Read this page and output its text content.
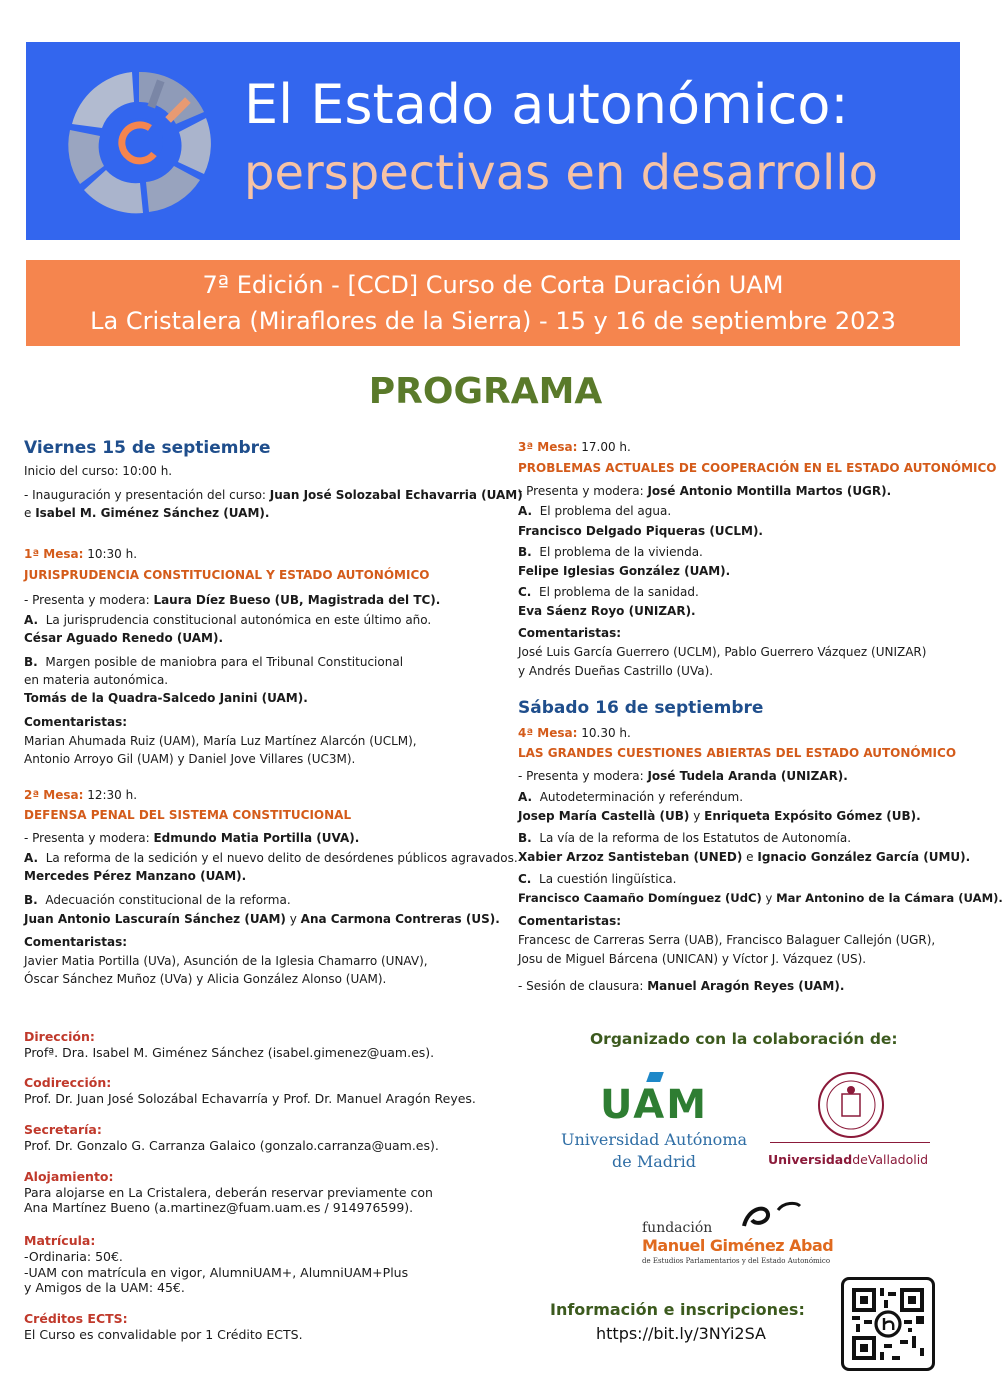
El Estado autonómico:
perspectivas en desarrollo
7ª Edición - [CCD] Curso de Corta Duración UAM
La Cristalera (Miraflores de la Sierra) - 15 y 16 de septiembre 2023
PROGRAMA
Viernes 15 de septiembre
Inicio del curso: 10:00 h.
- Inauguración y presentación del curso: Juan José Solozabal Echavarria (UAM)
e Isabel M. Giménez Sánchez (UAM).
1ª Mesa: 10:30 h.
JURISPRUDENCIA CONSTITUCIONAL Y ESTADO AUTONÓMICO
- Presenta y modera: Laura Díez Bueso (UB, Magistrada del TC).
A. La jurisprudencia constitucional autonómica en este último año.
César Aguado Renedo (UAM).
B. Margen posible de maniobra para el Tribunal Constitucional
en materia autonómica.
Tomás de la Quadra-Salcedo Janini (UAM).
Comentaristas:
Marian Ahumada Ruiz (UAM), María Luz Martínez Alarcón (UCLM),
Antonio Arroyo Gil (UAM) y Daniel Jove Villares (UC3M).
2ª Mesa: 12:30 h.
DEFENSA PENAL DEL SISTEMA CONSTITUCIONAL
- Presenta y modera: Edmundo Matia Portilla (UVA).
A. La reforma de la sedición y el nuevo delito de desórdenes públicos agravados.
Mercedes Pérez Manzano (UAM).
B. Adecuación constitucional de la reforma.
Juan Antonio Lascuraín Sánchez (UAM) y Ana Carmona Contreras (US).
Comentaristas:
Javier Matia Portilla (UVa), Asunción de la Iglesia Chamarro (UNAV),
Óscar Sánchez Muñoz (UVa) y Alicia González Alonso (UAM).
3ª Mesa: 17.00 h.
PROBLEMAS ACTUALES DE COOPERACIÓN EN EL ESTADO AUTONÓMICO
- Presenta y modera: José Antonio Montilla Martos (UGR).
A. El problema del agua.
Francisco Delgado Piqueras (UCLM).
B. El problema de la vivienda.
Felipe Iglesias González (UAM).
C. El problema de la sanidad.
Eva Sáenz Royo (UNIZAR).
Comentaristas:
José Luis García Guerrero (UCLM), Pablo Guerrero Vázquez (UNIZAR)
y Andrés Dueñas Castrillo (UVa).
Sábado 16 de septiembre
4ª Mesa: 10.30 h.
LAS GRANDES CUESTIONES ABIERTAS DEL ESTADO AUTONÓMICO
- Presenta y modera: José Tudela Aranda (UNIZAR).
A. Autodeterminación y referéndum.
Josep María Castellà (UB) y Enriqueta Expósito Gómez (UB).
B. La vía de la reforma de los Estatutos de Autonomía.
Xabier Arzoz Santisteban (UNED) e Ignacio González García (UMU).
C. La cuestión lingüística.
Francisco Caamaño Domínguez (UdC) y Mar Antonino de la Cámara (UAM).
Comentaristas:
Francesc de Carreras Serra (UAB), Francisco Balaguer Callejón (UGR),
Josu de Miguel Bárcena (UNICAN) y Víctor J. Vázquez (US).
- Sesión de clausura: Manuel Aragón Reyes (UAM).
Dirección:
Profª. Dra. Isabel M. Giménez Sánchez (isabel.gimenez@uam.es).
Codirección:
Prof. Dr. Juan José Solozábal Echavarría y Prof. Dr. Manuel Aragón Reyes.
Secretaría:
Prof. Dr. Gonzalo G. Carranza Galaico (gonzalo.carranza@uam.es).
Alojamiento:
Para alojarse en La Cristalera, deberán reservar previamente con
Ana Martínez Bueno (a.martinez@fuam.uam.es / 914976599).
Matrícula:
-Ordinaria: 50€.
-UAM con matrícula en vigor, AlumniUAM+, AlumniUAM+Plus
y Amigos de la UAM: 45€.
Créditos ECTS:
El Curso es convalidable por 1 Crédito ECTS.
Organizado con la colaboración de:
UAM
Universidad Autónoma
de Madrid	UniversidaddeValladolid
fundación
Manuel Giménez Abad
de Estudios Parlamentarios y del Estado Autonómico
Información e inscripciones:
https://bit.ly/3NYi2SA
